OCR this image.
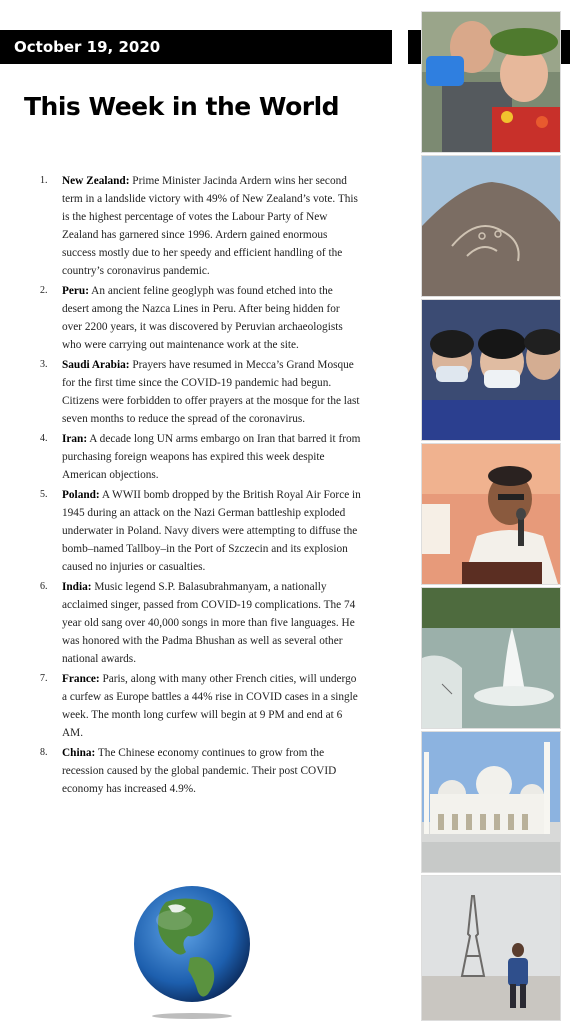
October 19, 2020
This Week in the World
1. New Zealand: Prime Minister Jacinda Ardern wins her second term in a landslide victory with 49% of New Zealand’s vote. This is the highest percentage of votes the Labour Party of New Zealand has garnered since 1996. Ardern gained enormous success mostly due to her speedy and efficient handling of the country’s coronavirus pandemic.
2. Peru: An ancient feline geoglyph was found etched into the desert among the Nazca Lines in Peru. After being hidden for over 2200 years, it was discovered by Peruvian archaeologists who were carrying out maintenance work at the site.
3. Saudi Arabia: Prayers have resumed in Mecca’s Grand Mosque for the first time since the COVID-19 pandemic had begun. Citizens were forbidden to offer prayers at the mosque for the last seven months to reduce the spread of the coronavirus.
4. Iran: A decade long UN arms embargo on Iran that barred it from purchasing foreign weapons has expired this week despite American objections.
5. Poland: A WWII bomb dropped by the British Royal Air Force in 1945 during an attack on the Nazi German battleship exploded underwater in Poland. Navy divers were attempting to diffuse the bomb–named Tallboy–in the Port of Szczecin and its explosion caused no injuries or casualties.
6. India: Music legend S.P. Balasubrahmanyam, a nationally acclaimed singer, passed from COVID-19 complications. The 74 year old sang over 40,000 songs in more than five languages. He was honored with the Padma Bhushan as well as several other national awards.
7. France: Paris, along with many other French cities, will undergo a curfew as Europe battles a 44% rise in COVID cases in a single week. The month long curfew will begin at 9 PM and end at 6 AM.
8. China: The Chinese economy continues to grow from the recession caused by the global pandemic. Their post COVID economy has increased 4.9%.
